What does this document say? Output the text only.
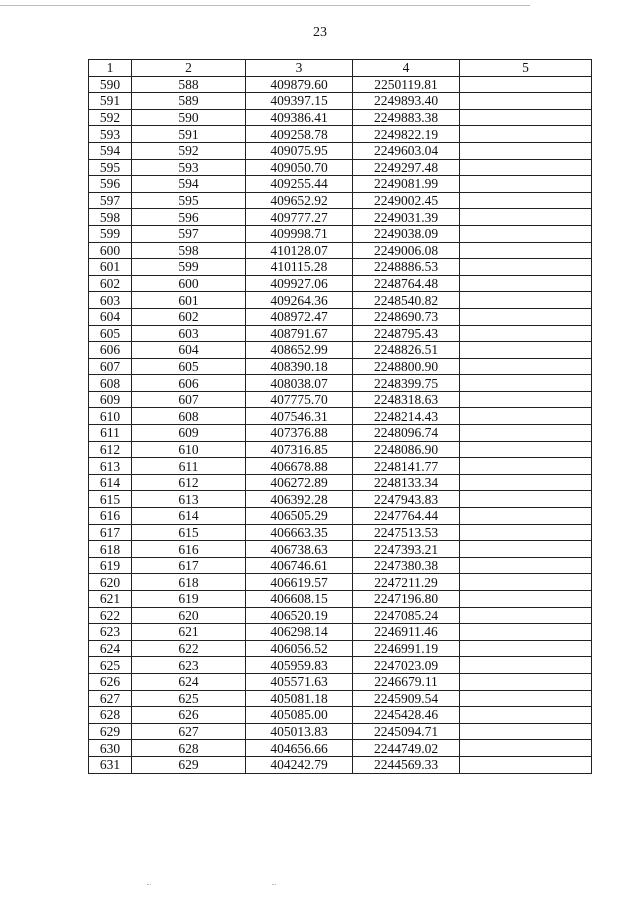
23
1	2	3	4	5
590	588	409879.60	2250119.81	
591	589	409397.15	2249893.40	
592	590	409386.41	2249883.38	
593	591	409258.78	2249822.19	
594	592	409075.95	2249603.04	
595	593	409050.70	2249297.48	
596	594	409255.44	2249081.99	
597	595	409652.92	2249002.45	
598	596	409777.27	2249031.39	
599	597	409998.71	2249038.09	
600	598	410128.07	2249006.08	
601	599	410115.28	2248886.53	
602	600	409927.06	2248764.48	
603	601	409264.36	2248540.82	
604	602	408972.47	2248690.73	
605	603	408791.67	2248795.43	
606	604	408652.99	2248826.51	
607	605	408390.18	2248800.90	
608	606	408038.07	2248399.75	
609	607	407775.70	2248318.63	
610	608	407546.31	2248214.43	
611	609	407376.88	2248096.74	
612	610	407316.85	2248086.90	
613	611	406678.88	2248141.77	
614	612	406272.89	2248133.34	
615	613	406392.28	2247943.83	
616	614	406505.29	2247764.44	
617	615	406663.35	2247513.53	
618	616	406738.63	2247393.21	
619	617	406746.61	2247380.38	
620	618	406619.57	2247211.29	
621	619	406608.15	2247196.80	
622	620	406520.19	2247085.24	
623	621	406298.14	2246911.46	
624	622	406056.52	2246991.19	
625	623	405959.83	2247023.09	
626	624	405571.63	2246679.11	
627	625	405081.18	2245909.54	
628	626	405085.00	2245428.46	
629	627	405013.83	2245094.71	
630	628	404656.66	2244749.02	
631	629	404242.79	2244569.33	
